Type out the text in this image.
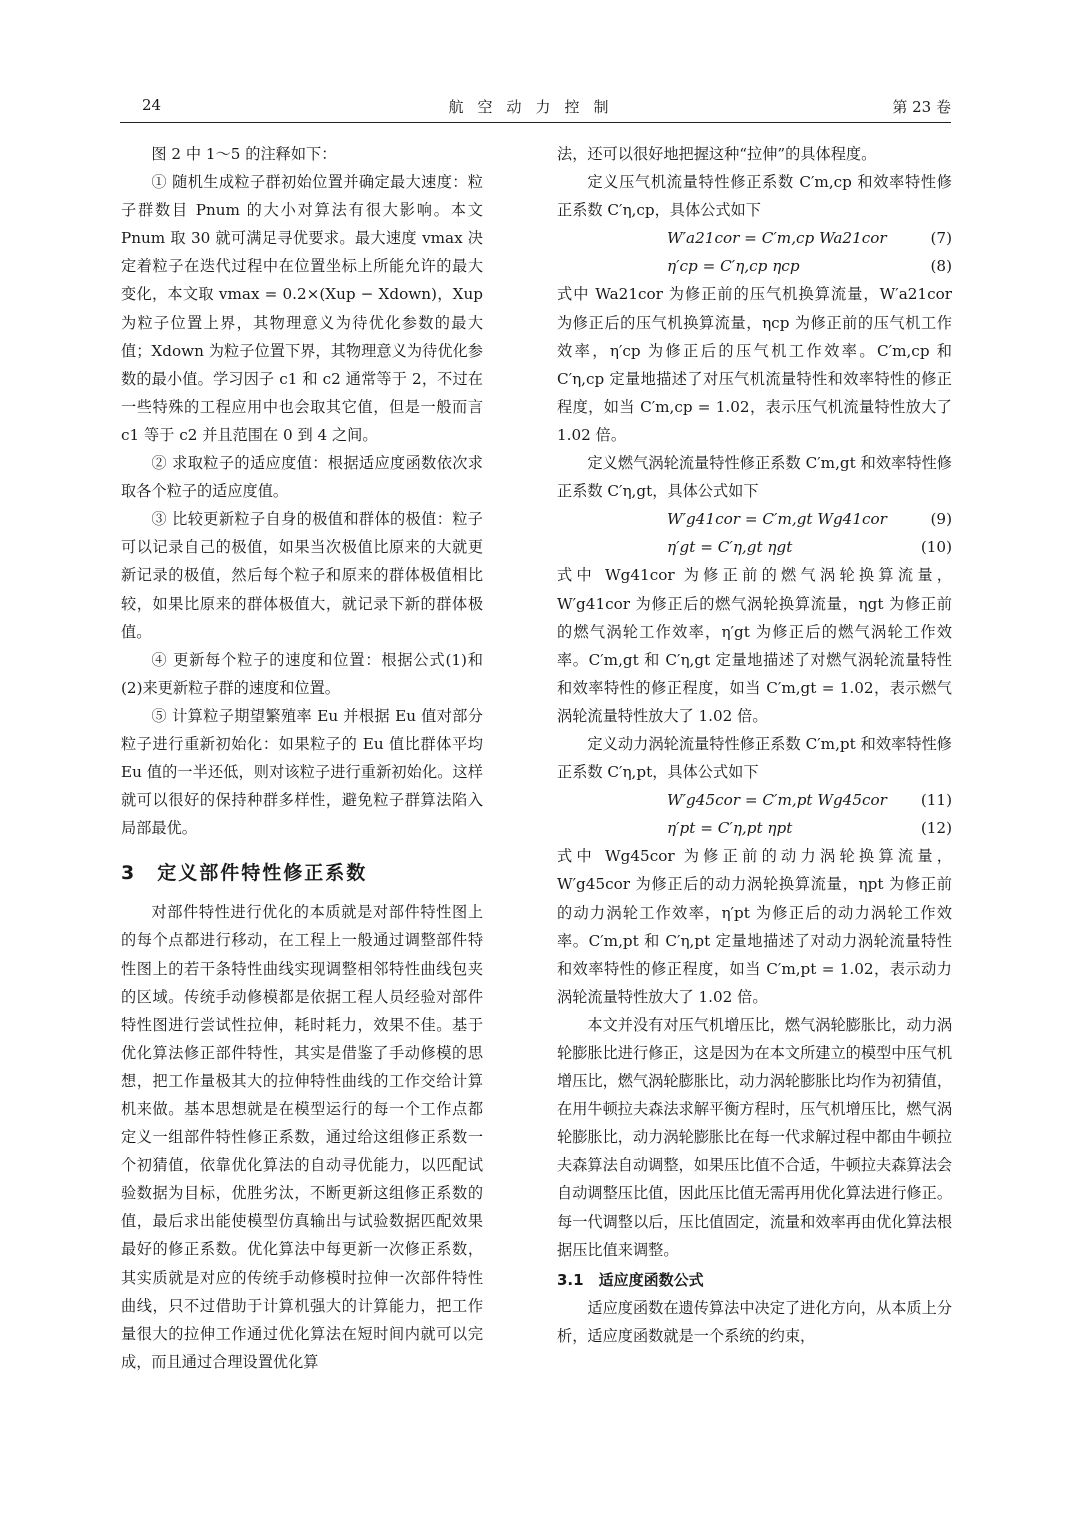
24	航空动力控制	第 23 卷

图 2 中 1～5 的注释如下：

① 随机生成粒子群初始位置并确定最大速度：粒子群数目 Pnum 的大小对算法有很大影响。本文 Pnum 取 30 就可满足寻优要求。最大速度 vmax 决定着粒子在迭代过程中在位置坐标上所能允许的最大变化，本文取 vmax = 0.2×(Xup − Xdown)，Xup 为粒子位置上界，其物理意义为待优化参数的最大值；Xdown 为粒子位置下界，其物理意义为待优化参数的最小值。学习因子 c1 和 c2 通常等于 2，不过在一些特殊的工程应用中也会取其它值，但是一般而言 c1 等于 c2 并且范围在 0 到 4 之间。

② 求取粒子的适应度值：根据适应度函数依次求取各个粒子的适应度值。

③ 比较更新粒子自身的极值和群体的极值：粒子可以记录自己的极值，如果当次极值比原来的大就更新记录的极值，然后每个粒子和原来的群体极值相比较，如果比原来的群体极值大，就记录下新的群体极值。

④ 更新每个粒子的速度和位置：根据公式(1)和(2)来更新粒子群的速度和位置。

⑤ 计算粒子期望繁殖率 Eu 并根据 Eu 值对部分粒子进行重新初始化：如果粒子的 Eu 值比群体平均 Eu 值的一半还低，则对该粒子进行重新初始化。这样就可以很好的保持种群多样性，避免粒子群算法陷入局部最优。

3　定义部件特性修正系数

对部件特性进行优化的本质就是对部件特性图上的每个点都进行移动，在工程上一般通过调整部件特性图上的若干条特性曲线实现调整相邻特性曲线包夹的区域。传统手动修模都是依据工程人员经验对部件特性图进行尝试性拉伸，耗时耗力，效果不佳。基于优化算法修正部件特性，其实是借鉴了手动修模的思想，把工作量极其大的拉伸特性曲线的工作交给计算机来做。基本思想就是在模型运行的每一个工作点都定义一组部件特性修正系数，通过给这组修正系数一个初猜值，依靠优化算法的自动寻优能力，以匹配试验数据为目标，优胜劣汰，不断更新这组修正系数的值，最后求出能使模型仿真输出与试验数据匹配效果最好的修正系数。优化算法中每更新一次修正系数，其实质就是对应的传统手动修模时拉伸一次部件特性曲线，只不过借助于计算机强大的计算能力，把工作量很大的拉伸工作通过优化算法在短时间内就可以完成，而且通过合理设置优化算

法，还可以很好地把握这种“拉伸”的具体程度。

定义压气机流量特性修正系数 C′m,cp 和效率特性修正系数 C′η,cp，具体公式如下

W′a21cor = C′m,cp Wa21cor	(7)
η′cp = C′η,cp ηcp	(8)

式中 Wa21cor 为修正前的压气机换算流量，W′a21cor 为修正后的压气机换算流量，ηcp 为修正前的压气机工作效率，η′cp 为修正后的压气机工作效率。C′m,cp 和 C′η,cp 定量地描述了对压气机流量特性和效率特性的修正程度，如当 C′m,cp = 1.02，表示压气机流量特性放大了 1.02 倍。

定义燃气涡轮流量特性修正系数 C′m,gt 和效率特性修正系数 C′η,gt，具体公式如下

W′g41cor = C′m,gt Wg41cor	(9)
η′gt = C′η,gt ηgt	(10)

式中 Wg41cor 为修正前的燃气涡轮换算流量，W′g41cor 为修正后的燃气涡轮换算流量，ηgt 为修正前的燃气涡轮工作效率，η′gt 为修正后的燃气涡轮工作效率。C′m,gt 和 C′η,gt 定量地描述了对燃气涡轮流量特性和效率特性的修正程度，如当 C′m,gt = 1.02，表示燃气涡轮流量特性放大了 1.02 倍。

定义动力涡轮流量特性修正系数 C′m,pt 和效率特性修正系数 C′η,pt，具体公式如下

W′g45cor = C′m,pt Wg45cor (11)
η′pt = C′η,pt ηpt	(12)

式中 Wg45cor 为修正前的动力涡轮换算流量，W′g45cor 为修正后的动力涡轮换算流量，ηpt 为修正前的动力涡轮工作效率，η′pt 为修正后的动力涡轮工作效率。C′m,pt 和 C′η,pt 定量地描述了对动力涡轮流量特性和效率特性的修正程度，如当 C′m,pt = 1.02，表示动力涡轮流量特性放大了 1.02 倍。

本文并没有对压气机增压比，燃气涡轮膨胀比，动力涡轮膨胀比进行修正，这是因为在本文所建立的模型中压气机增压比，燃气涡轮膨胀比，动力涡轮膨胀比均作为初猜值，在用牛顿拉夫森法求解平衡方程时，压气机增压比，燃气涡轮膨胀比，动力涡轮膨胀比在每一代求解过程中都由牛顿拉夫森算法自动调整，如果压比值不合适，牛顿拉夫森算法会自动调整压比值，因此压比值无需再用优化算法进行修正。每一代调整以后，压比值固定，流量和效率再由优化算法根据压比值来调整。

3.1　适应度函数公式

适应度函数在遗传算法中决定了进化方向，从本质上分析，适应度函数就是一个系统的约束，
